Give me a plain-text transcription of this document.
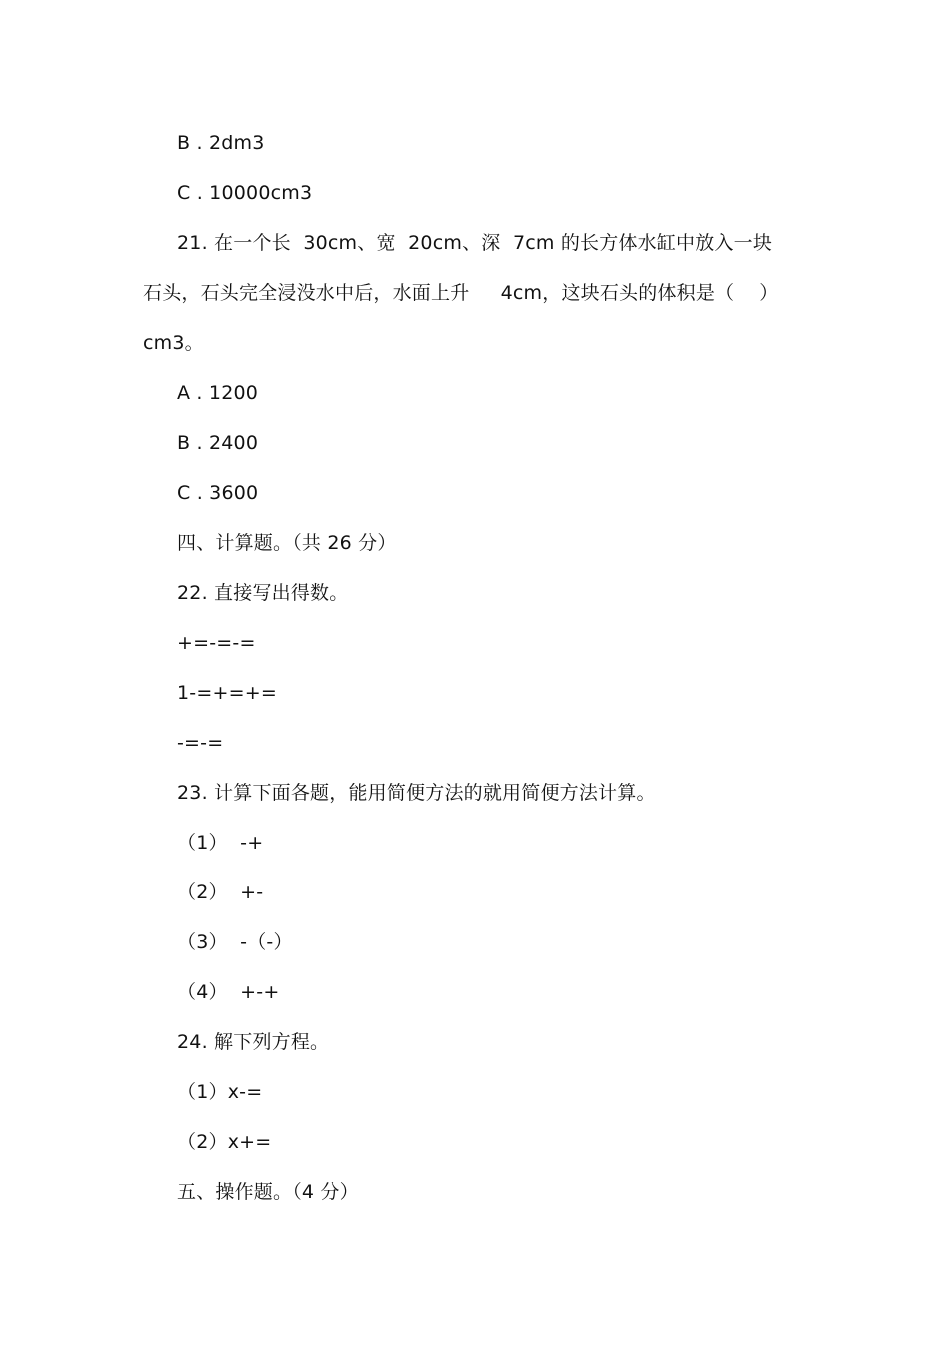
B . 2dm3
C . 10000cm3
21. 在一个长  30cm、宽  20cm、深  7cm 的长方体水缸中放入一块
石头，石头完全浸没水中后，水面上升     4cm，这块石头的体积是（    ）
cm3。
A . 1200
B . 2400
C . 3600
四、计算题。（共 26 分）
22. 直接写出得数。
+=-=-=
1-=+=+=
-=-=
23. 计算下面各题，能用简便方法的就用简便方法计算。
（1）  -+
（2）  +-
（3）  -（-）
（4）  +-+
24. 解下列方程。
（1）x-=
（2）x+=
五、操作题。（4 分）
